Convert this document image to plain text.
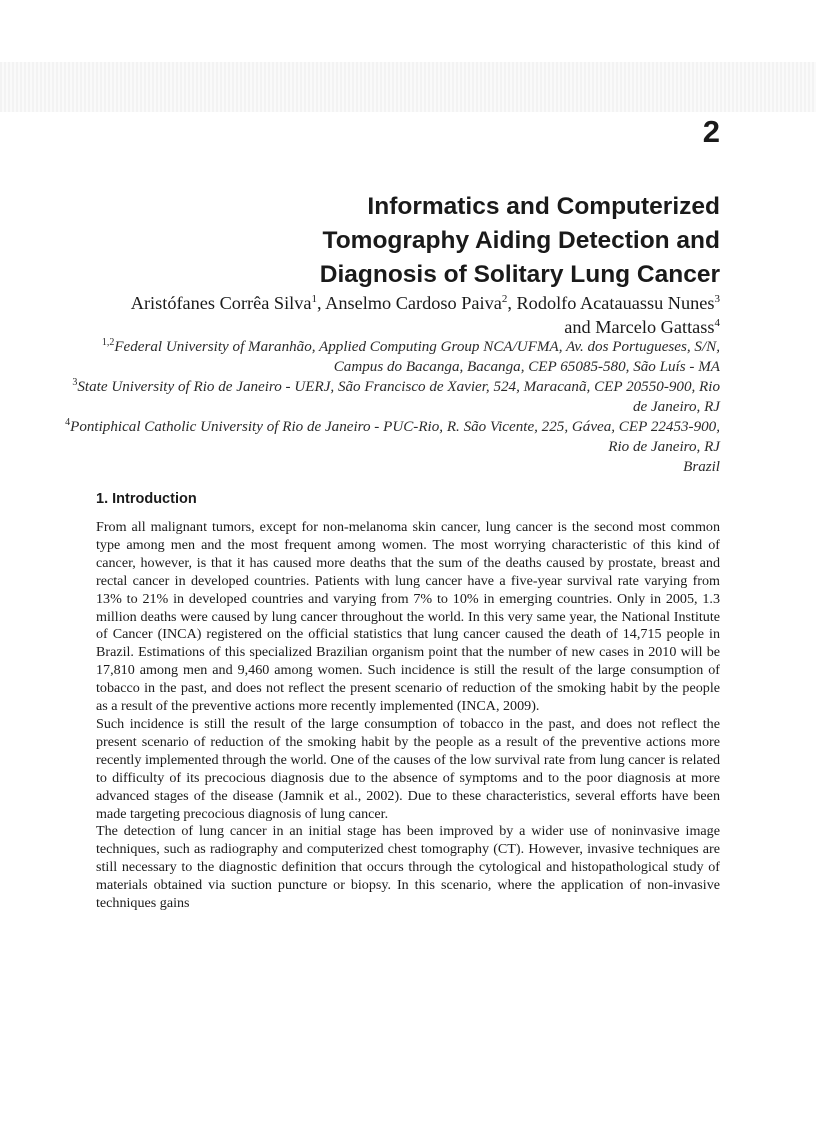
2
Informatics and Computerized
Tomography Aiding Detection and
Diagnosis of Solitary Lung Cancer
Aristófanes Corrêa Silva$^1$, Anselmo Cardoso Paiva$^2$, Rodolfo Acatauassu Nunes$^3$ and Marcelo Gattass$^4$
$^{1,2}$Federal University of Maranhão, Applied Computing Group NCA/UFMA, Av. dos Portugueses, S/N, Campus do Bacanga, Bacanga, CEP 65085-580, São Luís - MA
$^3$State University of Rio de Janeiro - UERJ, São Francisco de Xavier, 524, Maracanã, CEP 20550-900, Rio de Janeiro, RJ
$^4$Pontiphical Catholic University of Rio de Janeiro - PUC-Rio, R. São Vicente, 225, Gávea, CEP 22453-900, Rio de Janeiro, RJ
Brazil
1. Introduction

From all malignant tumors, except for non-melanoma skin cancer, lung cancer is the second most common type among men and the most frequent among women. The most worrying characteristic of this kind of cancer, however, is that it has caused more deaths that the sum of the deaths caused by prostate, breast and rectal cancer in developed countries. Patients with lung cancer have a five-year survival rate varying from 13% to 21% in developed countries and varying from 7% to 10% in emerging countries. Only in 2005, 1.3 million deaths were caused by lung cancer throughout the world. In this very same year, the National Institute of Cancer (INCA) registered on the official statistics that lung cancer caused the death of 14,715 people in Brazil. Estimations of this specialized Brazilian organism point that the number of new cases in 2010 will be 17,810 among men and 9,460 among women. Such incidence is still the result of the large consumption of tobacco in the past, and does not reflect the present scenario of reduction of the smoking habit by the people as a result of the preventive actions more recently implemented (INCA, 2009).

Such incidence is still the result of the large consumption of tobacco in the past, and does not reflect the present scenario of reduction of the smoking habit by the people as a result of the preventive actions more recently implemented through the world. One of the causes of the low survival rate from lung cancer is related to difficulty of its precocious diagnosis due to the absence of symptoms and to the poor diagnosis at more advanced stages of the disease (Jamnik et al., 2002). Due to these characteristics, several efforts have been made targeting precocious diagnosis of lung cancer.

The detection of lung cancer in an initial stage has been improved by a wider use of noninvasive image techniques, such as radiography and computerized chest tomography (CT). However, invasive techniques are still necessary to the diagnostic definition that occurs through the cytological and histopathological study of materials obtained via suction puncture or biopsy. In this scenario, where the application of non-invasive techniques gains
